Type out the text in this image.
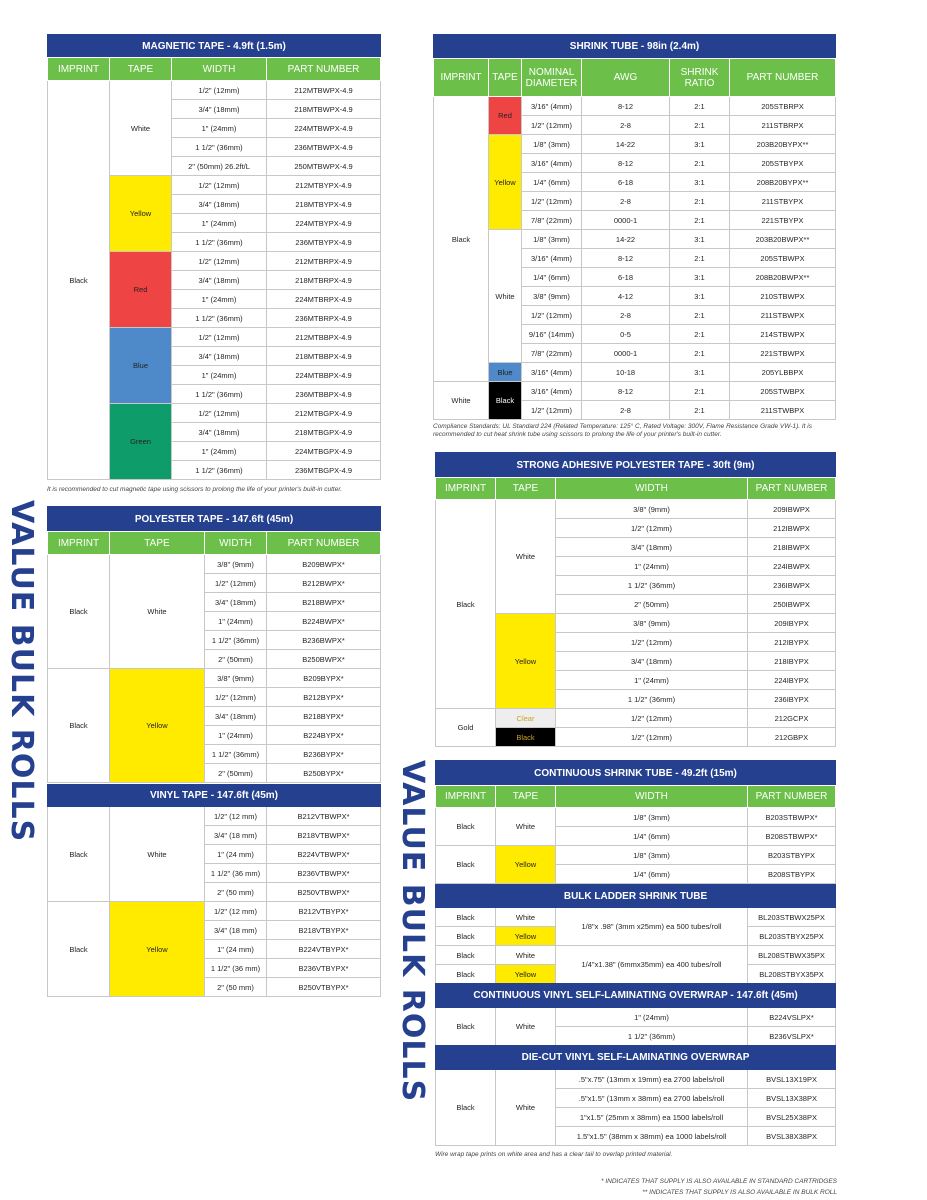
VALUE BULK ROLLS
VALUE BULK ROLLS
MAGNETIC TAPE - 4.9ft (1.5m)			
IMPRINT	TAPE	WIDTH	PART NUMBER
Black	White	1/2" (12mm)	212MTBWPX-4.9
		3/4" (18mm)	218MTBWPX-4.9
		1" (24mm)	224MTBWPX-4.9
		1 1/2" (36mm)	236MTBWPX-4.9
		2" (50mm) 26.2ft/L	250MTBWPX-4.9
	Yellow	1/2" (12mm)	212MTBYPX-4.9
		3/4" (18mm)	218MTBYPX-4.9
		1" (24mm)	224MTBYPX-4.9
		1 1/2" (36mm)	236MTBYPX-4.9
	Red	1/2" (12mm)	212MTBRPX-4.9
		3/4" (18mm)	218MTBRPX-4.9
		1" (24mm)	224MTBRPX-4.9
		1 1/2" (36mm)	236MTBRPX-4.9
	Blue	1/2" (12mm)	212MTBBPX-4.9
		3/4" (18mm)	218MTBBPX-4.9
		1" (24mm)	224MTBBPX-4.9
		1 1/2" (36mm)	236MTBBPX-4.9
	Green	1/2" (12mm)	212MTBGPX-4.9
		3/4" (18mm)	218MTBGPX-4.9
		1" (24mm)	224MTBGPX-4.9
		1 1/2" (36mm)	236MTBGPX-4.9
POLYESTER TAPE - 147.6ft (45m)			
IMPRINT	TAPE	WIDTH	PART NUMBER
Black	White	3/8" (9mm)	B209BWPX*
		1/2" (12mm)	B212BWPX*
		3/4" (18mm)	B218BWPX*
		1" (24mm)	B224BWPX*
		1 1/2" (36mm)	B236BWPX*
		2" (50mm)	B250BWPX*
Black	Yellow	3/8" (9mm)	B209BYPX*
		1/2" (12mm)	B212BYPX*
		3/4" (18mm)	B218BYPX*
		1" (24mm)	B224BYPX*
		1 1/2" (36mm)	B236BYPX*
		2" (50mm)	B250BYPX*
VINYL TAPE - 147.6ft (45m)			
Black	White	1/2" (12 mm)	B212VTBWPX*
		3/4" (18 mm)	B218VTBWPX*
		1" (24 mm)	B224VTBWPX*
		1 1/2" (36 mm)	B236VTBWPX*
		2" (50 mm)	B250VTBWPX*
Black	Yellow	1/2" (12 mm)	B212VTBYPX*
		3/4" (18 mm)	B218VTBYPX*
		1" (24 mm)	B224VTBYPX*
		1 1/2" (36 mm)	B236VTBYPX*
		2" (50 mm)	B250VTBYPX*
SHRINK TUBE - 98in (2.4m)					
IMPRINT	TAPE	NOMINAL DIAMETER	AWG	SHRINK RATIO	PART NUMBER
Black	Red	3/16" (4mm)	8-12	2:1	205STBRPX
		1/2" (12mm)	2-8	2:1	211STBRPX
	Yellow	1/8" (3mm)	14-22	3:1	203B20BYPX**
		3/16" (4mm)	8-12	2:1	205STBYPX
		1/4" (6mm)	6-18	3:1	208B20BYPX**
		1/2" (12mm)	2-8	2:1	211STBYPX
		7/8" (22mm)	0000-1	2:1	221STBYPX
	White	1/8" (3mm)	14-22	3:1	203B20BWPX**
		3/16" (4mm)	8-12	2:1	205STBWPX
		1/4" (6mm)	6-18	3:1	208B20BWPX**
		3/8" (9mm)	4-12	3:1	210STBWPX
		1/2" (12mm)	2-8	2:1	211STBWPX
		9/16" (14mm)	0-5	2:1	214STBWPX
		7/8" (22mm)	0000-1	2:1	221STBWPX
	Blue	3/16" (4mm)	10-18	3:1	205YLBBPX
White	Black	3/16" (4mm)	8-12	2:1	205STWBPX
		1/2" (12mm)	2-8	2:1	211STWBPX
STRONG ADHESIVE POLYESTER TAPE - 30ft (9m)			
IMPRINT	TAPE	WIDTH	PART NUMBER
Black	White	3/8" (9mm)	209IBWPX
		1/2" (12mm)	212IBWPX
		3/4" (18mm)	218IBWPX
		1" (24mm)	224IBWPX
		1 1/2" (36mm)	236IBWPX
		2" (50mm)	250IBWPX
	Yellow	3/8" (9mm)	209IBYPX
		1/2" (12mm)	212IBYPX
		3/4" (18mm)	218IBYPX
		1" (24mm)	224IBYPX
		1 1/2" (36mm)	236IBYPX
Gold	Clear	1/2" (12mm)	212GCPX
	Black	1/2" (12mm)	212GBPX
CONTINUOUS SHRINK TUBE - 49.2ft (15m)			
IMPRINT	TAPE	WIDTH	PART NUMBER
Black	White	1/8" (3mm)	B203STBWPX*
		1/4" (6mm)	B208STBWPX*
Black	Yellow	1/8" (3mm)	B203STBYPX
		1/4" (6mm)	B208STBYPX
BULK LADDER SHRINK TUBE			
Black	White	1/8"x .98" (3mm x25mm) ea 500 tubes/roll	BL203STBWX25PX
Black	Yellow		BL203STBYX25PX
Black	White	1/4"x1.38" (6mmx35mm) ea 400 tubes/roll	BL208STBWX35PX
Black	Yellow		BL208STBYX35PX
CONTINUOUS VINYL SELF-LAMINATING OVERWRAP - 147.6ft (45m)			
Black	White	1" (24mm)	B224VSLPX*
		1 1/2" (36mm)	B236VSLPX*
DIE-CUT VINYL SELF-LAMINATING OVERWRAP			
Black	White	.5"x.75" (13mm x 19mm) ea 2700 labels/roll	BVSL13X19PX
		.5"x1.5" (13mm x 38mm) ea 2700 labels/roll	BVSL13X38PX
		1"x1.5" (25mm x 38mm) ea 1500 labels/roll	BVSL25X38PX
		1.5"x1.5" (38mm x 38mm) ea 1000 labels/roll	BVSL38X38PX
It is recommended to cut magnetic tape using scissors to prolong the life of your printer's built-in cutter.
Compliance Standards: UL Standard 224 (Related Temperature: 125° C, Rated Voltage: 300V, Flame Resistance Grade VW-1). It is recommended to cut heat shrink tube using scissors to prolong the life of your printer's built-in cutter.
Wire wrap tape prints on white area and has a clear tail to overlap printed material.
* INDICATES THAT SUPPLY IS ALSO AVAILABLE IN STANDARD CARTRIDGES
** INDICATES THAT SUPPLY IS ALSO AVAILABLE IN BULK ROLL
